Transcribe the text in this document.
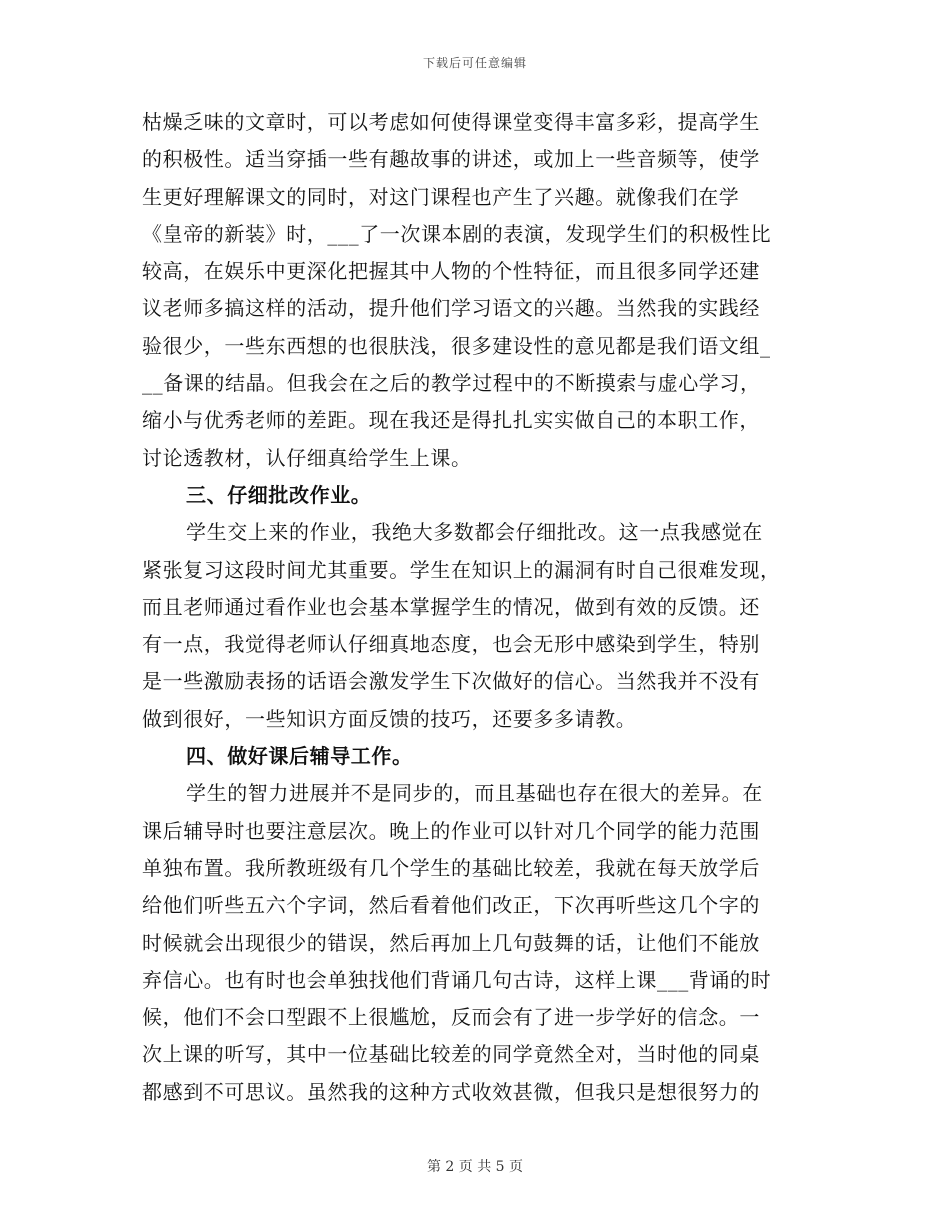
下载后可任意编辑
枯燥乏味的文章时，可以考虑如何使得课堂变得丰富多彩，提高学生
的积极性。适当穿插一些有趣故事的讲述，或加上一些音频等，使学
生更好理解课文的同时，对这门课程也产生了兴趣。就像我们在学
《皇帝的新装》时，___了一次课本剧的表演，发现学生们的积极性比
较高，在娱乐中更深化把握其中人物的个性特征，而且很多同学还建
议老师多搞这样的活动，提升他们学习语文的兴趣。当然我的实践经
验很少，一些东西想的也很肤浅，很多建设性的意见都是我们语文组_
__备课的结晶。但我会在之后的教学过程中的不断摸索与虚心学习，
缩小与优秀老师的差距。现在我还是得扎扎实实做自己的本职工作，
讨论透教材，认仔细真给学生上课。
三、仔细批改作业。
学生交上来的作业，我绝大多数都会仔细批改。这一点我感觉在
紧张复习这段时间尤其重要。学生在知识上的漏洞有时自己很难发现，
而且老师通过看作业也会基本掌握学生的情况，做到有效的反馈。还
有一点，我觉得老师认仔细真地态度，也会无形中感染到学生，特别
是一些激励表扬的话语会激发学生下次做好的信心。当然我并不没有
做到很好，一些知识方面反馈的技巧，还要多多请教。
四、做好课后辅导工作。
学生的智力进展并不是同步的，而且基础也存在很大的差异。在
课后辅导时也要注意层次。晚上的作业可以针对几个同学的能力范围
单独布置。我所教班级有几个学生的基础比较差，我就在每天放学后
给他们听些五六个字词，然后看着他们改正，下次再听些这几个字的
时候就会出现很少的错误，然后再加上几句鼓舞的话，让他们不能放
弃信心。也有时也会单独找他们背诵几句古诗，这样上课___背诵的时
候，他们不会口型跟不上很尴尬，反而会有了进一步学好的信念。一
次上课的听写，其中一位基础比较差的同学竟然全对，当时他的同桌
都感到不可思议。虽然我的这种方式收效甚微，但我只是想很努力的
第 2 页 共 5 页
